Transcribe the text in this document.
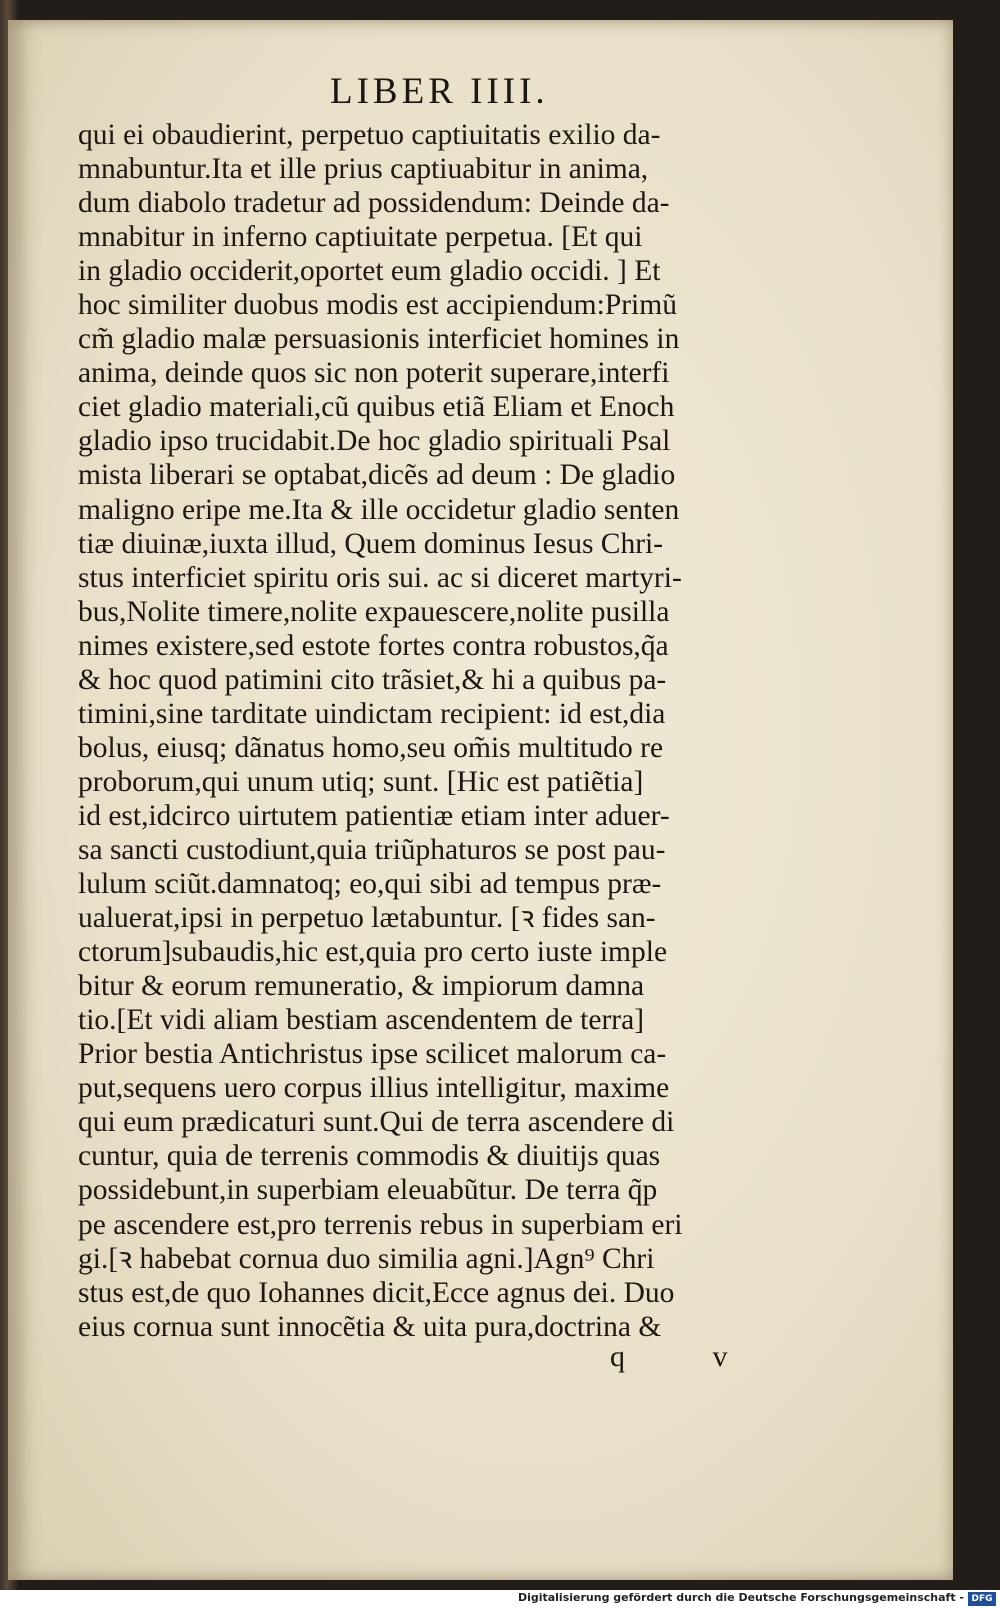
LIBER IIII.
qui ei obaudierint, perpetuo captiuitatis exilio da-
mnabuntur.Ita et ille prius captiuabitur in anima,
dum diabolo tradetur ad possidendum: Deinde da-
mnabitur in inferno captiuitate perpetua. [Et qui
in gladio occiderit,oportet eum gladio occidi. ] Et
hoc similiter duobus modis est accipiendum:Primũ
cm̃ gladio malæ persuasionis interficiet homines in
anima, deinde quos sic non poterit superare,interfi
ciet gladio materiali,cũ quibus etiã Eliam et Enoch
gladio ipso trucidabit.De hoc gladio spirituali Psal
mista liberari se optabat,dicẽs ad deum : De gladio
maligno eripe me.Ita & ille occidetur gladio senten
tiæ diuinæ,iuxta illud, Quem dominus Iesus Chri-
stus interficiet spiritu oris sui. ac si diceret martyri-
bus,Nolite timere,nolite expauescere,nolite pusilla
nimes existere,sed estote fortes contra robustos,q̃a
& hoc quod patimini cito trãsiet,& hi a quibus pa-
timini,sine tarditate uindictam recipient: id est,dia
bolus, eiusq; dãnatus homo,seu om̃is multitudo re
proborum,qui unum utiq; sunt. [Hic est patiẽtia]
id est,idcirco uirtutem patientiæ etiam inter aduer-
sa sancti custodiunt,quia triũphaturos se post pau-
lulum sciũt.damnatoq; eo,qui sibi ad tempus præ-
ualuerat,ipsi in perpetuo lætabuntur. [ꝛ fides san-
ctorum]subaudis,hic est,quia pro certo iuste imple
bitur & eorum remuneratio, & impiorum damna
tio.[Et vidi aliam bestiam ascendentem de terra]
Prior bestia Antichristus ipse scilicet malorum ca-
put,sequens uero corpus illius intelligitur, maxime
qui eum prædicaturi sunt.Qui de terra ascendere di
cuntur, quia de terrenis commodis & diuitijs quas
possidebunt,in superbiam eleuabũtur. De terra q̃p
pe ascendere est,pro terrenis rebus in superbiam eri
gi.[ꝛ habebat cornua duo similia agni.]Agn⁹ Chri
stus est,de quo Iohannes dicit,Ecce agnus dei. Duo
eius cornua sunt innocẽtia & uita pura,doctrina &
q v
Digitalisierung gefördert durch die Deutsche Forschungsgemeinschaft - DFG
